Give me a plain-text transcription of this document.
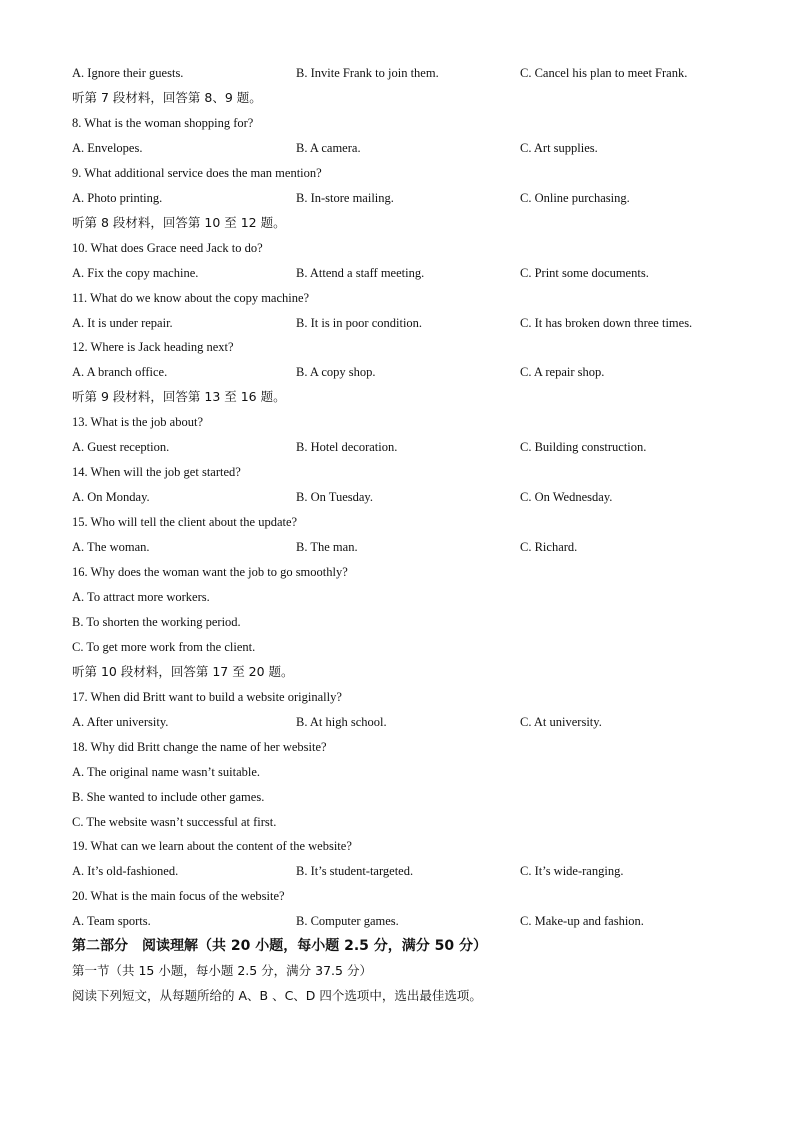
A. Ignore their guests.	B. Invite Frank to join them.	C. Cancel his plan to meet Frank.
听第 7 段材料，回答第 8、9 题。
8. What is the woman shopping for?
A. Envelopes.	B. A camera.	C. Art supplies.
9. What additional service does the man mention?
A. Photo printing.	B. In-store mailing.	C. Online purchasing.
听第 8 段材料，回答第 10 至 12 题。
10. What does Grace need Jack to do?
A. Fix the copy machine.	B. Attend a staff meeting.	C. Print some documents.
11. What do we know about the copy machine?
A. It is under repair.	B. It is in poor condition.	C. It has broken down three times.
12. Where is Jack heading next?
A. A branch office.	B. A copy shop.	C. A repair shop.
听第 9 段材料，回答第 13 至 16 题。
13. What is the job about?
A. Guest reception.	B. Hotel decoration.	C. Building construction.
14. When will the job get started?
A. On Monday.	B. On Tuesday.	C. On Wednesday.
15. Who will tell the client about the update?
A. The woman.	B. The man.	C. Richard.
16. Why does the woman want the job to go smoothly?
A. To attract more workers.
B. To shorten the working period.
C. To get more work from the client.
听第 10 段材料，回答第 17 至 20 题。
17. When did Britt want to build a website originally?
A. After university.	B. At high school.	C. At university.
18. Why did Britt change the name of her website?
A. The original name wasn’t suitable.
B. She wanted to include other games.
C. The website wasn’t successful at first.
19. What can we learn about the content of the website?
A. It’s old-fashioned.	B. It’s student-targeted.	C. It’s wide-ranging.
20. What is the main focus of the website?
A. Team sports.	B. Computer games.	C. Make-up and fashion.
第二部分　阅读理解（共 20 小题，每小题 2.5 分，满分 50 分）
第一节（共 15 小题，每小题 2.5 分，满分 37.5 分）
阅读下列短文，从每题所给的 A、B 、C、D 四个选项中，选出最佳选项。
